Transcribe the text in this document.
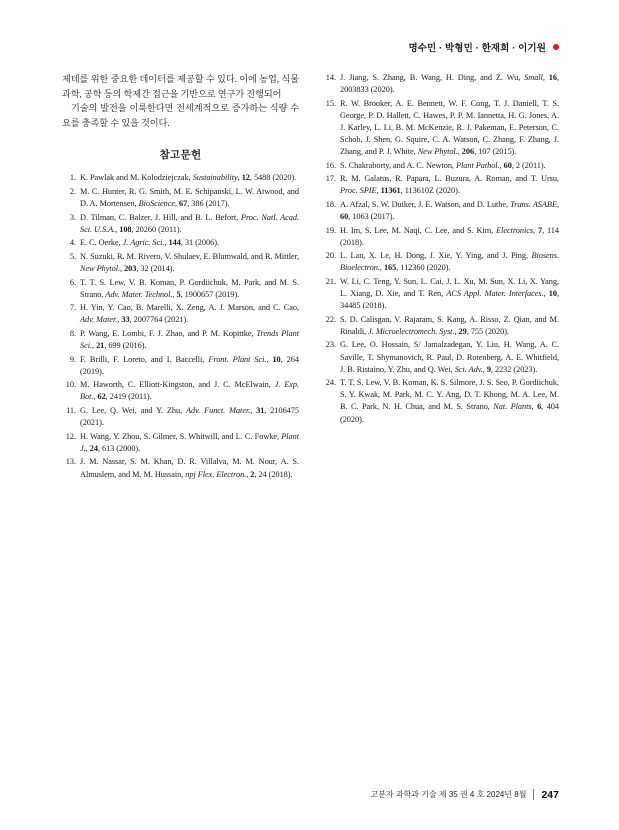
명수민 · 박형민 · 한재희 · 이기원

제테를 위한 중요한 데이터를 제공할 수 있다. 이에 농업, 식물과학, 공학 등의 학제간 접근을 기반으로 연구가 진행되어

기술의 발전을 이룩한다면 전세계적으로 증가하는 식량 수요를 충족할 수 있을 것이다.

참고문헌
1. K. Pawlak and M. Kolodziejczak, Sustainability, 12, 5488 (2020).
2. M. C. Hunter, R. G. Smith, M. E. Schipanski, L. W. Atwood, and D. A. Mortensen, BioScience, 67, 386 (2017).
3. D. Tilman, C. Balzer, J. Hill, and B. L. Befort, Proc. Natl. Acad. Sci. U.S.A., 108, 20260 (2011).
4. E. C. Oerke, J. Agric. Sci., 144, 31 (2006).
5. N. Suzuki, R. M. Rivero, V. Shulaev, E. Blumwald, and R. Mittler, New Phytol., 203, 32 (2014).
6. T. T. S. Lew, V. B. Koman, P. Gordiichuk, M. Park, and M. S. Strano, Adv. Mater. Technol., 5, 1900657 (2019).
7. H. Yin, Y. Cao, B. Marelli, X. Zeng, A. J. Marson, and C. Cao, Adv. Mater., 33, 2007764 (2021).
8. P. Wang, E. Lombi, F. J. Zhao, and P. M. Kopittke, Trends Plant Sci., 21, 699 (2016).
9. F. Brilli, F. Loreto, and I. Baccelli, Front. Plant Sci., 10, 264 (2019).
10. M. Haworth, C. Elliott-Kingston, and J. C. McElwain, J. Exp. Bot., 62, 2419 (2011).
11. G. Lee, Q. Wei, and Y. Zhu, Adv. Funct. Mater., 31, 2106475 (2021).
12. H. Wang, Y. Zhou, S. Gilmer, S. Whitwill, and L. C. Fowke, Plant J., 24, 613 (2000).
13. J. M. Nassar, S. M. Khan, D. R. Villalva, M. M. Nour, A. S. Almuslem, and M. M. Hussain, npj Flex. Electron., 2, 24 (2018).
14. J. Jiang, S. Zhang, B. Wang, H. Ding, and Z. Wu, Small, 16, 2003833 (2020).
15. R. W. Brooker, A. E. Bennett, W. F. Cong, T. J. Daniell, T. S. George, P. D. Hallett, C. Hawes, P. P. M. Iannetta, H. G. Jones, A. J. Karley, L. Li, B. M. McKenzie, R. J. Pakeman, E. Peterson, C. Schob, J. Shen, G. Squire, C. A. Watson, C. Zhang, F. Zhang, J. Zhang, and P. J. White, New Phytol., 206, 107 (2015).
16. S. Chakraborty, and A. C. Newton, Plant Pathol., 60, 2 (2011).
17. R. M. Galatus, R. Papara, L. Buzura, A. Roman, and T. Ursu, Proc. SPIE, 11361, 113610Z (2020).
18. A. Afzal, S. W. Duiker, J. E. Watson, and D. Luthe, Trans. ASABE, 60, 1063 (2017).
19. H. Im, S. Lee, M. Naqi, C. Lee, and S. Kim, Electronics, 7, 114 (2018).
20. L. Lan, X. Le, H. Dong, J. Xie, Y. Ying, and J. Ping, Biosens. Bioelectron., 165, 112360 (2020).
21. W. Li, C. Teng, Y. Sun, L. Cai, J. L. Xu, M. Sun, X. Li, X. Yang, L. Xiang, D. Xie, and T. Ren, ACS Appl. Mater. Interfaces., 10, 34485 (2018).
22. S. D. Calisgan, V. Rajaram, S. Kang, A. Risso, Z. Qian, and M. Rinaldi, J. Microelectromech. Syst., 29, 755 (2020).
23. G. Lee, O. Hossain, S/ Jamalzadegan, Y. Liu, H. Wang, A. C. Saville, T. Shymanovich, R. Paul, D. Rotenberg, A. E. Whitfield, J. B. Ristaino, Y. Zhu, and Q. Wei, Sci. Adv., 9, 2232 (2023).
24. T. T. S. Lew, V. B. Koman, K. S. Silmore, J. S. Seo, P. Gordiichuk, S. Y. Kwak, M. Park, M. C. Y. Ang, D. T. Khong, M. A. Lee, M. B. C. Park, N. H. Chua, and M. S. Strano, Nat. Plants, 6, 404 (2020).
고분자 과학과 기술 제 35 권 4 호 2024년 8월 247
